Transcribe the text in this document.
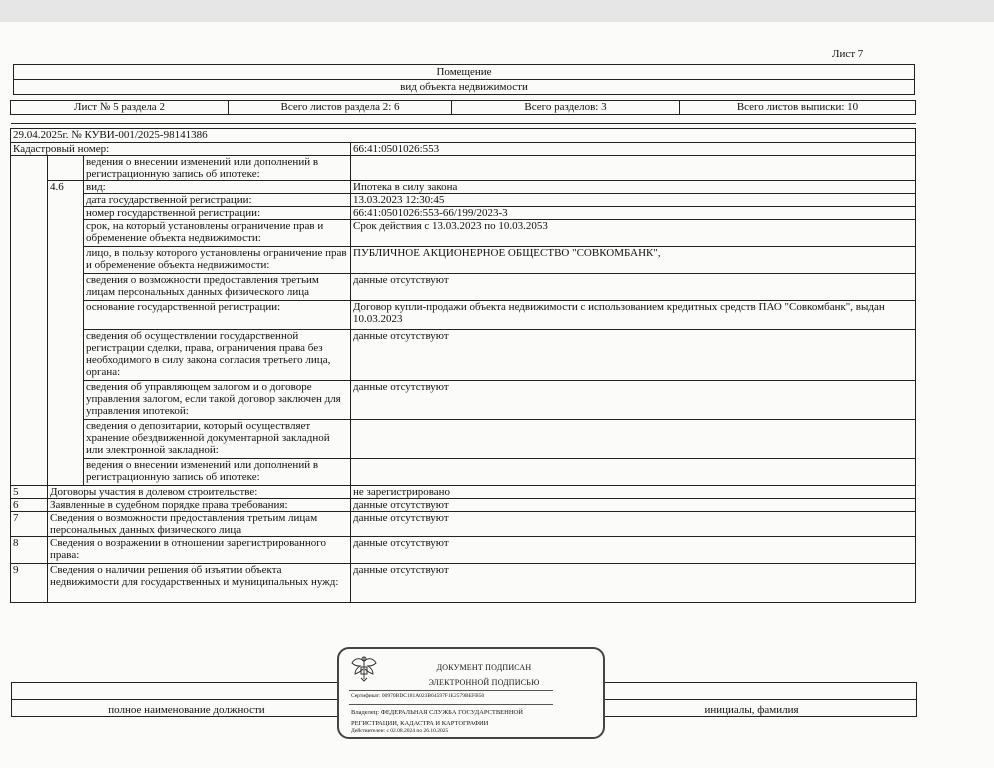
Лист 7
Помещение
вид объекта недвижимости
Лист № 5 раздела 2	Всего листов раздела 2: 6	Всего разделов: 3	Всего листов выписки: 10

29.04.2025г. № КУВИ-001/2025-98141386			
Кадастровый номер:			66:41:0501026:553
		ведения о внесении изменений или дополнений в регистрационную запись об ипотеке:	
	4.6	вид:	Ипотека в силу закона
		дата государственной регистрации:	13.03.2023 12:30:45
		номер государственной регистрации:	66:41:0501026:553-66/199/2023-3
		срок, на который установлены ограничение прав и обременение объекта недвижимости:	Срок действия с 13.03.2023 по 10.03.2053
		лицо, в пользу которого установлены ограничение прав и обременение объекта недвижимости:	ПУБЛИЧНОЕ АКЦИОНЕРНОЕ ОБЩЕСТВО "СОВКОМБАНК",
		сведения о возможности предоставления третьим лицам персональных данных физического лица	данные отсутствуют
		основание государственной регистрации:	Договор купли-продажи объекта недвижимости с использованием кредитных средств ПАО "Совкомбанк", выдан 10.03.2023
		сведения об осуществлении государственной регистрации сделки, права, ограничения права без необходимого в силу закона согласия третьего лица, органа:	данные отсутствуют
		сведения об управляющем залогом и о договоре управления залогом, если такой договор заключен для управления ипотекой:	данные отсутствуют
		сведения о депозитарии, который осуществляет хранение обездвиженной документарной закладной или электронной закладной:	
		ведения о внесении изменений или дополнений в регистрационную запись об ипотеке:	
5	Договоры участия в долевом строительстве:		не зарегистрировано
6	Заявленные в судебном порядке права требования:		данные отсутствуют
7	Сведения о возможности предоставления третьим лицам персональных данных физического лица		данные отсутствуют
8	Сведения о возражении в отношении зарегистрированного права:		данные отсутствуют
9	Сведения о наличии решения об изъятии объекта недвижимости для государственных и муниципальных нужд:		данные отсутствуют

полное наименование должности		инициалы, фамилия
ДОКУМЕНТ ПОДПИСАН
ЭЛЕКТРОННОЙ ПОДПИСЬЮ
Сертификат: 00970BDC181A023B64597F1E2579BEFB50
Владелец: ФЕДЕРАЛЬНАЯ СЛУЖБА ГОСУДАРСТВЕННОЙ РЕГИСТРАЦИИ, КАДАСТРА И КАРТОГРАФИИ
Действителен: с 02.08.2024 по 26.10.2025
